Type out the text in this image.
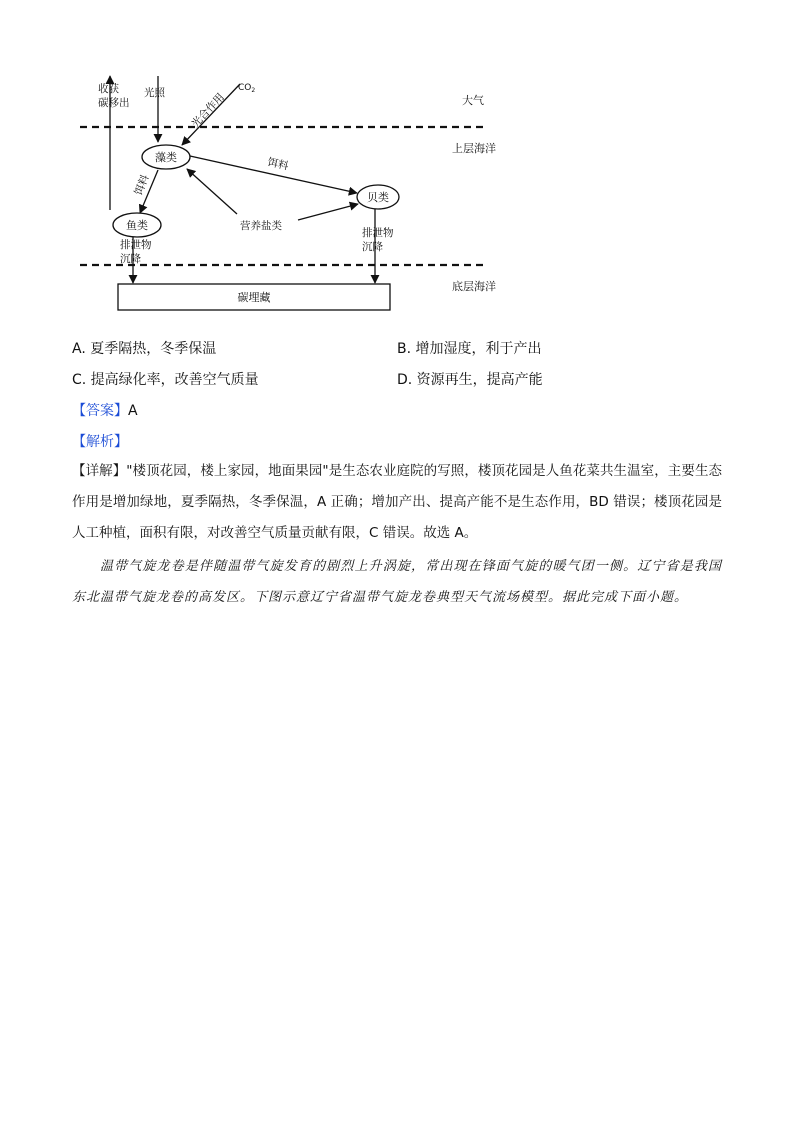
大气
上层海洋
底层海洋
收获
碳移出
光照 光合作用
$CO_2$
藻类
饵料
饵料
营养盐类
鱼类
排泄物
沉降
贝类
排泄物
沉降
碳埋藏
A. 夏季隔热，冬季保温	B. 增加湿度，利于产出
C. 提高绿化率，改善空气质量	D. 资源再生，提高产能
【答案】A
【解析】
【详解】"楼顶花园，楼上家园，地面果园"是生态农业庭院的写照，楼顶花园是人鱼花菜共生温室，主要生态作用是增加绿地，夏季隔热，冬季保温，A 正确；增加产出、提高产能不是生态作用，BD 错误；楼顶花园是人工种植，面积有限，对改善空气质量贡献有限，C 错误。故选 A。
温带气旋龙卷是伴随温带气旋发育的剧烈上升涡旋，常出现在锋面气旋的暖气团一侧。辽宁省是我国东北温带气旋龙卷的高发区。下图示意辽宁省温带气旋龙卷典型天气流场模型。据此完成下面小题。
